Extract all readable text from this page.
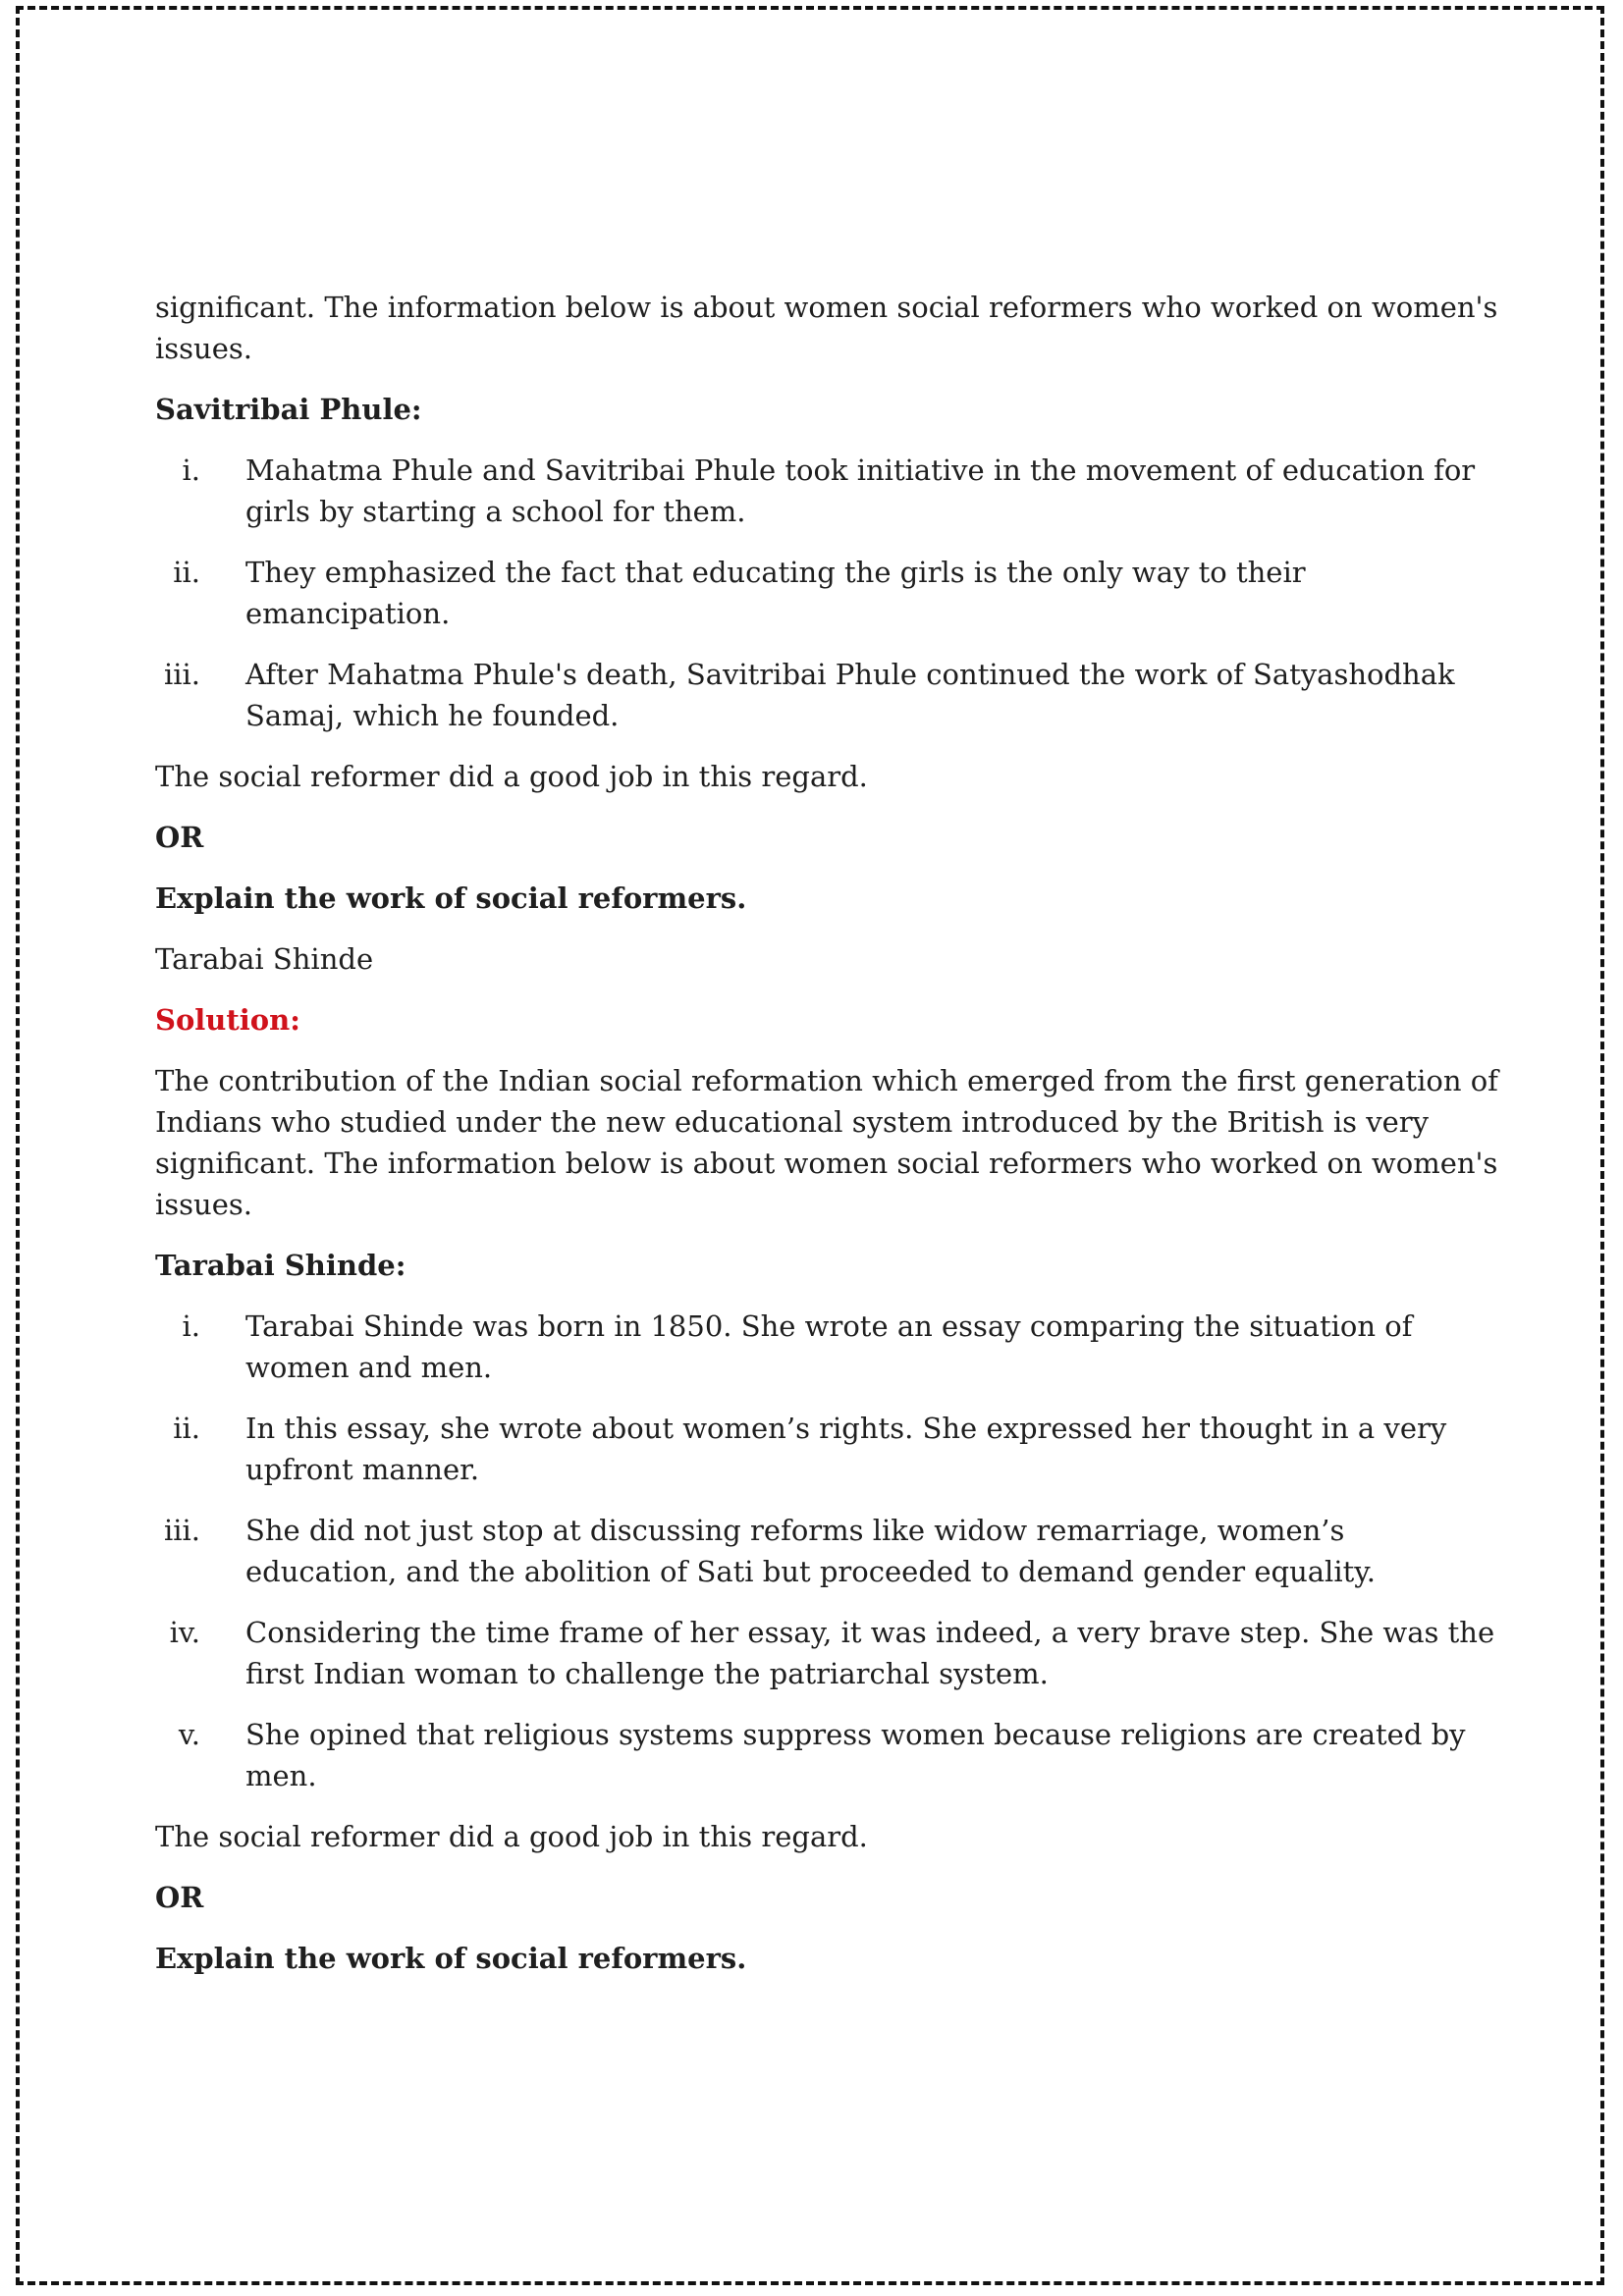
significant. The information below is about women social reformers who worked on women's issues.

Savitribai Phule:

i. Mahatma Phule and Savitribai Phule took initiative in the movement of education for girls by starting a school for them.
ii. They emphasized the fact that educating the girls is the only way to their emancipation.
iii. After Mahatma Phule's death, Savitribai Phule continued the work of Satyashodhak Samaj, which he founded.

The social reformer did a good job in this regard.

OR

Explain the work of social reformers.

Tarabai Shinde

Solution:

The contribution of the Indian social reformation which emerged from the first generation of Indians who studied under the new educational system introduced by the British is very significant. The information below is about women social reformers who worked on women's issues.

Tarabai Shinde:

i. Tarabai Shinde was born in 1850. She wrote an essay comparing the situation of women and men.
ii. In this essay, she wrote about women’s rights. She expressed her thought in a very upfront manner.
iii. She did not just stop at discussing reforms like widow remarriage, women’s education, and the abolition of Sati but proceeded to demand gender equality.
iv. Considering the time frame of her essay, it was indeed, a very brave step. She was the first Indian woman to challenge the patriarchal system.
v. She opined that religious systems suppress women because religions are created by men.

The social reformer did a good job in this regard.

OR

Explain the work of social reformers.
